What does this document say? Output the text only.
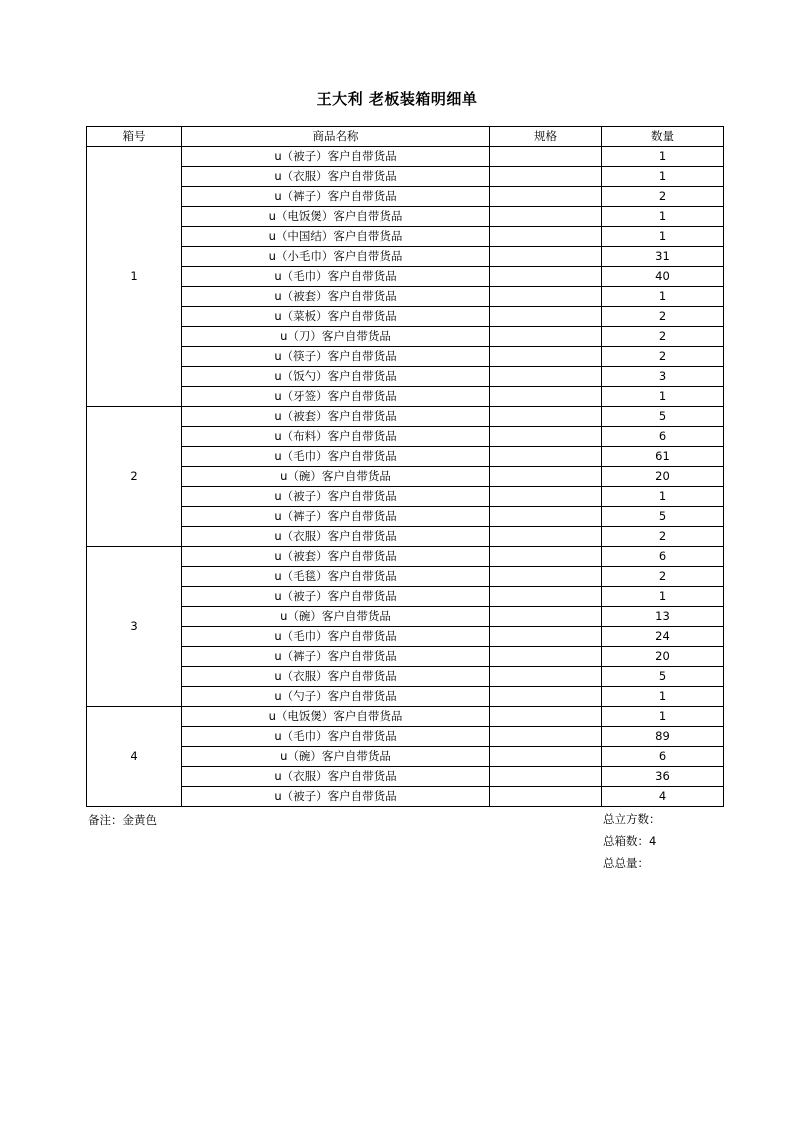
王大利 老板装箱明细单
箱号	商品名称	规格	数量
1	u（被子）客户自带货品		1
	u（衣服）客户自带货品		1
	u（裤子）客户自带货品		2
	u（电饭煲）客户自带货品		1
	u（中国结）客户自带货品		1
	u（小毛巾）客户自带货品		31
	u（毛巾）客户自带货品		40
	u（被套）客户自带货品		1
	u（菜板）客户自带货品		2
	u（刀）客户自带货品		2
	u（筷子）客户自带货品		2
	u（饭勺）客户自带货品		3
	u（牙签）客户自带货品		1
2	u（被套）客户自带货品		5
	u（布料）客户自带货品		6
	u（毛巾）客户自带货品		61
	u（碗）客户自带货品		20
	u（被子）客户自带货品		1
	u（裤子）客户自带货品		5
	u（衣服）客户自带货品		2
3	u（被套）客户自带货品		6
	u（毛毯）客户自带货品		2
	u（被子）客户自带货品		1
	u（碗）客户自带货品		13
	u（毛巾）客户自带货品		24
	u（裤子）客户自带货品		20
	u（衣服）客户自带货品		5
	u（勺子）客户自带货品		1
4	u（电饭煲）客户自带货品		1
	u（毛巾）客户自带货品		89
	u（碗）客户自带货品		6
	u（衣服）客户自带货品		36
	u（被子）客户自带货品		4
备注：金黄色	总立方数：
总箱数：4
总总量：
